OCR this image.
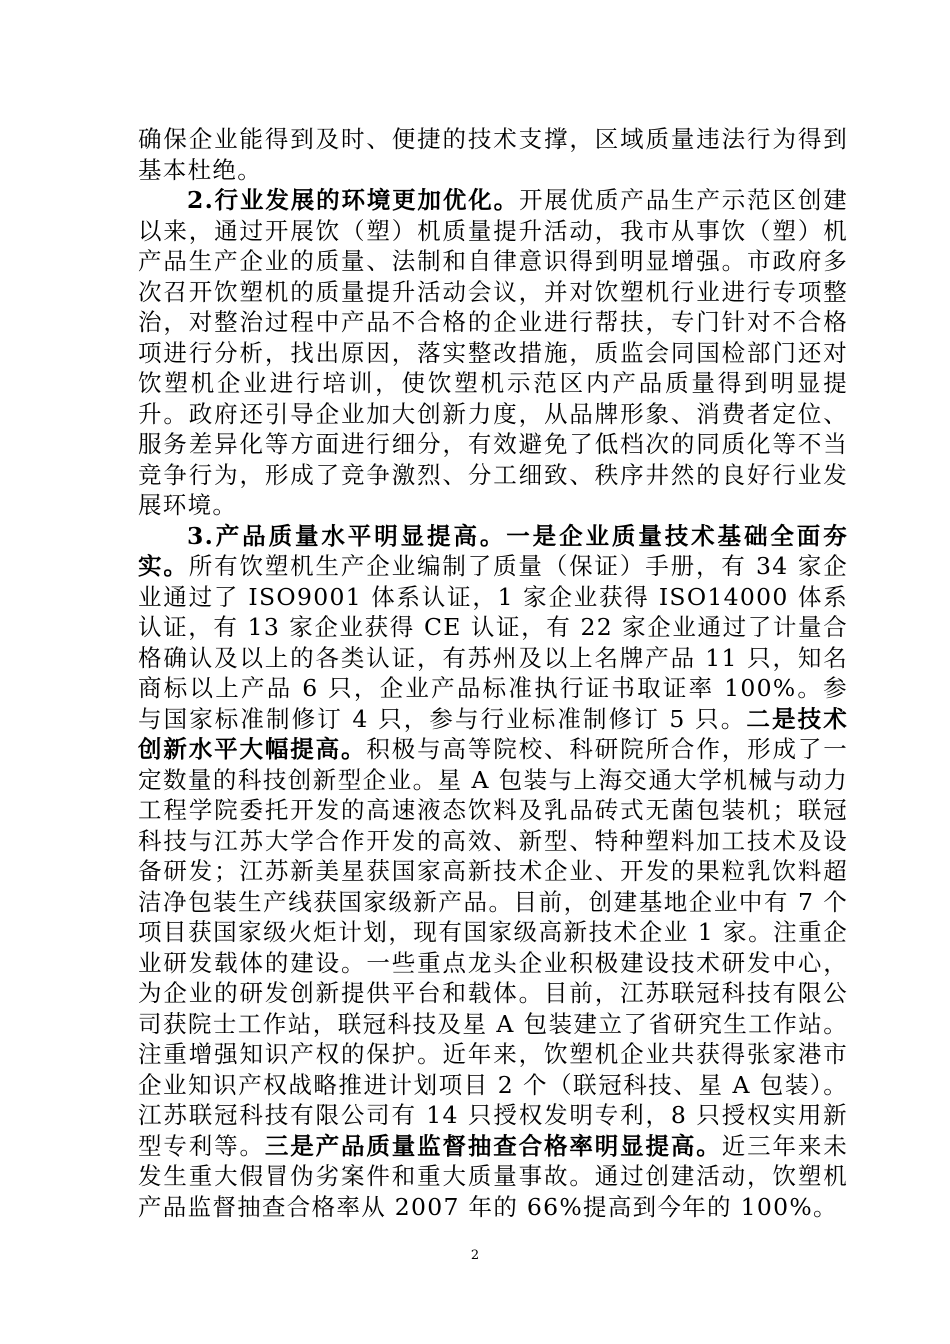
确保企业能得到及时、便捷的技术支撑，区域质量违法行为得到基本杜绝。

2.行业发展的环境更加优化。开展优质产品生产示范区创建以来，通过开展饮（塑）机质量提升活动，我市从事饮（塑）机产品生产企业的质量、法制和自律意识得到明显增强。市政府多次召开饮塑机的质量提升活动会议，并对饮塑机行业进行专项整治，对整治过程中产品不合格的企业进行帮扶，专门针对不合格项进行分析，找出原因，落实整改措施，质监会同国检部门还对饮塑机企业进行培训，使饮塑机示范区内产品质量得到明显提升。政府还引导企业加大创新力度，从品牌形象、消费者定位、服务差异化等方面进行细分，有效避免了低档次的同质化等不当竞争行为，形成了竞争激烈、分工细致、秩序井然的良好行业发展环境。

3.产品质量水平明显提高。一是企业质量技术基础全面夯实。所有饮塑机生产企业编制了质量（保证）手册，有 34 家企业通过了 ISO9001 体系认证，1 家企业获得 ISO14000 体系认证，有 13 家企业获得 CE 认证，有 22 家企业通过了计量合格确认及以上的各类认证，有苏州及以上名牌产品 11 只，知名商标以上产品 6 只，企业产品标准执行证书取证率 100%。参与国家标准制修订 4 只，参与行业标准制修订 5 只。二是技术创新水平大幅提高。积极与高等院校、科研院所合作，形成了一定数量的科技创新型企业。星 A 包装与上海交通大学机械与动力工程学院委托开发的高速液态饮料及乳品砖式无菌包装机；联冠科技与江苏大学合作开发的高效、新型、特种塑料加工技术及设备研发；江苏新美星获国家高新技术企业、开发的果粒乳饮料超洁净包装生产线获国家级新产品。目前，创建基地企业中有 7 个项目获国家级火炬计划，现有国家级高新技术企业 1 家。注重企业研发载体的建设。一些重点龙头企业积极建设技术研发中心，为企业的研发创新提供平台和载体。目前，江苏联冠科技有限公司获院士工作站，联冠科技及星 A 包装建立了省研究生工作站。注重增强知识产权的保护。近年来，饮塑机企业共获得张家港市企业知识产权战略推进计划项目 2 个（联冠科技、星 A 包装）。江苏联冠科技有限公司有 14 只授权发明专利，8 只授权实用新型专利等。三是产品质量监督抽查合格率明显提高。近三年来未发生重大假冒伪劣案件和重大质量事故。通过创建活动，饮塑机产品监督抽查合格率从 2007 年的 66%提高到今年的 100%。

2
